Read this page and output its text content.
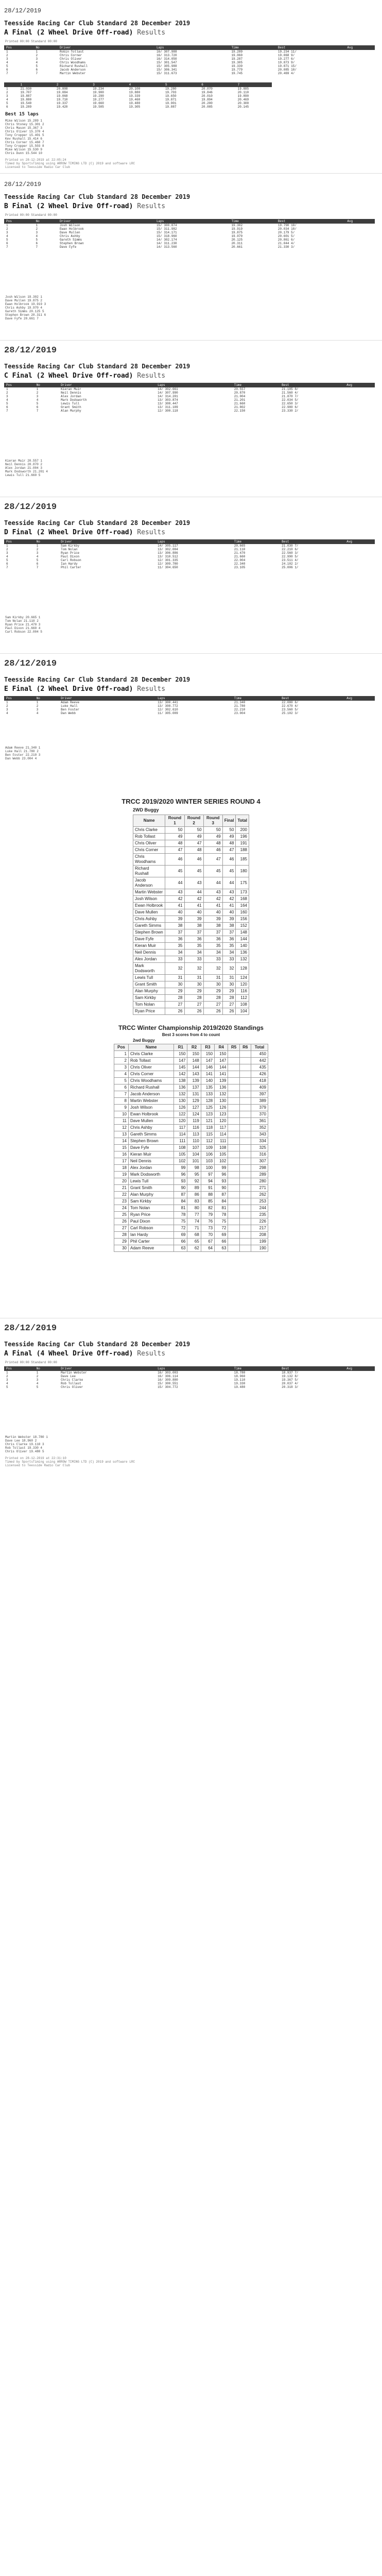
28/12/2019
Teesside Racing Car Club Standard 28 December 2019
A Final (2 Wheel Drive Off-road) Results
Printed 00:00 Standard 00:00
Pos	No	Driver	Laps	Time	Best	Avg
1	1	Robin Tollast	16/ 307.988	19.289	19.234 11/	
2	2	Chris Corner	16/ 313.720	19.060	19.068 9/	
3	3	Chris Oliver	16/ 314.050	19.287	19.277 6/	
4	4	Chris Woodhams	15/ 301.547	19.305	19.873 9/	
5	5	Richard Rushall	15/ 305.988	19.339	19.871 15/	
6	6	Jacob Anderson	15/ 306.341	19.779	20.085 10/	
7	7	Martin Webster	15/ 311.673	19.745	20.469 4/	
	1	2	3	4	5	6	7
1	21.030	20.808	19.234	20.100	19.280	20.070	19.885
2	19.707	19.084	19.900	19.880	19.703	19.846	20.110
3	19.887	19.068	19.290	19.339	19.650	20.010	19.890
4	19.880	19.710	19.277	19.460	19.871	19.894	20.469
5	19.540	19.337	19.660	19.480	19.901	20.200	20.300
6	19.289	19.420	19.505	19.305	19.887	20.085	20.145
Best 15 laps
Mike Wilson 15.289 1
Chris Stoney 15.301 2
Chris Mason 15.367 3
Chris Oliver 15.370 4
Tony Cropper 15.401 5
Kev Rushall 15.414 6
Chris Corner 15.460 7
Tony Cropper 15.503 8
Mike Wilson 15.530 9
Chris Dunn 15.544 10
Printed on 28-12-2019 at 22:05:24
Timed by SportsTiming using ARROW TIMING LTD (C) 2019 and software LRC
Licensed to Teesside Radio Car Club
28/12/2019
Teesside Racing Car Club Standard 28 December 2019
B Final (2 Wheel Drive Off-road) Results
Printed 00:00 Standard 00:00
Pos	No	Driver	Laps	Time	Best	Avg
1	1	Josh Wilson	15/ 300.874	19.302	19.790 10/	
2	2	Ewan Holbrook	15/ 311.982	19.919	20.034 10/	
3	3	Dave Mullen	15/ 314.171	19.875	20.179 5/	
4	4	Chris Ashby	15/ 318.960	19.970	20.601 5/	
5	5	Gareth Simms	14/ 302.174	20.125	20.861 6/	
6	6	Stephen Brown	14/ 311.230	20.311	21.044 4/	
7	7	Dave Fyfe	14/ 313.560	20.661	21.330 3/	
Josh Wilson 19.302 1
Dave Mullen 19.875 2
Ewan Holbrook 19.919 3
Chris Ashby 19.970 4
Gareth Simms 20.125 5
Stephen Brown 20.311 6
Dave Fyfe 20.661 7
28/12/2019
Teesside Racing Car Club Standard 28 December 2019
C Final (2 Wheel Drive Off-road) Results
Pos	No	Driver	Laps	Time	Best	Avg
1	1	Kieran Muir	14/ 302.661	20.557	21.105 8/	
2	2	Neil Dennis	14/ 307.990	20.870	21.560 4/	
3	3	Alex Jordan	14/ 314.201	21.004	21.870 7/	
4	4	Mark Dodsworth	13/ 303.874	21.201	22.034 5/	
5	5	Lewis Tull	13/ 308.447	21.660	22.650 3/	
6	6	Grant Smith	13/ 311.109	21.802	22.980 6/	
7	7	Alan Murphy	12/ 300.118	22.150	23.330 2/	
Kieran Muir 20.557 1
Neil Dennis 20.870 2
Alex Jordan 21.004 3
Mark Dodsworth 21.201 4
Lewis Tull 21.660 5
28/12/2019
Teesside Racing Car Club Standard 28 December 2019
D Final (2 Wheel Drive Off-road) Results
Pos	No	Driver	Laps	Time	Best	Avg
1	1	Sam Kirkby	14/ 305.117	20.665	21.030 7/	
2	2	Tom Nolan	13/ 302.004	21.110	22.210 6/	
3	3	Ryan Price	13/ 306.886	21.470	22.560 3/	
4	4	Paul Dixon	13/ 310.512	21.660	22.990 5/	
5	5	Carl Robson	12/ 301.335	22.004	23.511 4/	
6	6	Ian Hardy	12/ 309.780	22.340	24.102 2/	
7	7	Phil Carter	11/ 304.650	23.105	25.006 1/	
Sam Kirkby 20.665 1
Tom Nolan 21.110 2
Ryan Price 21.470 3
Paul Dixon 21.660 4
Carl Robson 22.004 5
28/12/2019
Teesside Racing Car Club Standard 28 December 2019
E Final (2 Wheel Drive Off-road) Results
Pos	No	Driver	Laps	Time	Best	Avg
1	1	Adam Reeve	13/ 300.441	21.340	22.080 6/	
2	2	Luke Hall	13/ 308.772	21.780	22.670 4/	
3	3	Ben Foster	12/ 302.610	22.210	23.560 5/	
4	4	Dan Webb	11/ 305.009	23.004	25.102 3/	
Adam Reeve 21.340 1
Luke Hall 21.780 2
Ben Foster 22.210 3
Dan Webb 23.004 4
TRCC 2019/2020 WINTER SERIES ROUND 4
2WD Buggy
Name	Round 1	Round 2	Round 3	Final	Total
Chris Clarke	50	50	50	50	200
Rob Tollast	49	49	49	49	196
Chris Oliver	48	47	48	48	191
Chris Corner	47	48	46	47	188
Chris Woodhams	46	46	47	46	185
Richard Rushall	45	45	45	45	180
Jacob Anderson	44	43	44	44	175
Martin Webster	43	44	43	43	173
Josh Wilson	42	42	42	42	168
Ewan Holbrook	41	41	41	41	164
Dave Mullen	40	40	40	40	160
Chris Ashby	39	39	39	39	156
Gareth Simms	38	38	38	38	152
Stephen Brown	37	37	37	37	148
Dave Fyfe	36	36	36	36	144
Kieran Muir	35	35	35	35	140
Neil Dennis	34	34	34	34	136
Alex Jordan	33	33	33	33	132
Mark Dodsworth	32	32	32	32	128
Lewis Tull	31	31	31	31	124
Grant Smith	30	30	30	30	120
Alan Murphy	29	29	29	29	116
Sam Kirkby	28	28	28	28	112
Tom Nolan	27	27	27	27	108
Ryan Price	26	26	26	26	104
TRCC Winter Championship 2019/2020 Standings
Best 3 scores from 4 to count
2wd Buggy
Pos	Name	R1	R2	R3	R4	R5	R6	Total
1	Chris Clarke	150	150	150	150			450
2	Rob Tollast	147	148	147	147			442
3	Chris Oliver	145	144	146	144			435
4	Chris Corner	142	143	141	141			426
5	Chris Woodhams	138	139	140	139			418
6	Richard Rushall	136	137	135	136			409
7	Jacob Anderson	132	131	133	132			397
8	Martin Webster	130	129	128	130			389
9	Josh Wilson	126	127	125	126			379
10	Ewan Holbrook	122	124	123	123			370
11	Dave Mullen	120	119	121	120			361
12	Chris Ashby	117	116	118	117			352
13	Gareth Simms	114	113	115	114			343
14	Stephen Brown	111	110	112	111			334
15	Dave Fyfe	108	107	109	108			325
16	Kieran Muir	105	104	106	105			316
17	Neil Dennis	102	101	103	102			307
18	Alex Jordan	99	98	100	99			298
19	Mark Dodsworth	96	95	97	96			289
20	Lewis Tull	93	92	94	93			280
21	Grant Smith	90	89	91	90			271
22	Alan Murphy	87	86	88	87			262
23	Sam Kirkby	84	83	85	84			253
24	Tom Nolan	81	80	82	81			244
25	Ryan Price	78	77	79	78			235
26	Paul Dixon	75	74	76	75			226
27	Carl Robson	72	71	73	72			217
28	Ian Hardy	69	68	70	69			208
29	Phil Carter	66	65	67	66			199
30	Adam Reeve	63	62	64	63			190
28/12/2019
Teesside Racing Car Club Standard 28 December 2019
A Final (4 Wheel Drive Off-road) Results
Printed 00:00 Standard 00:00
Pos	No	Driver	Laps	Time	Best	Avg
1	1	Martin Webster	16/ 303.003	18.780	18.937 7/	
2	2	Dave Lee	16/ 306.114	18.960	19.132 8/	
3	3	Chris Clarke	16/ 309.880	19.110	19.367 5/	
4	4	Rob Tollast	15/ 300.551	19.330	20.037 4/	
5	5	Chris Oliver	15/ 304.772	19.480	20.318 3/	
Martin Webster 18.780 1
Dave Lee 18.960 2
Chris Clarke 19.110 3
Rob Tollast 19.330 4
Chris Oliver 19.480 5
Printed on 28-12-2019 at 22:31:10
Timed by SportsTiming using ARROW TIMING LTD (C) 2019 and software LRC
Licensed to Teesside Radio Car Club
